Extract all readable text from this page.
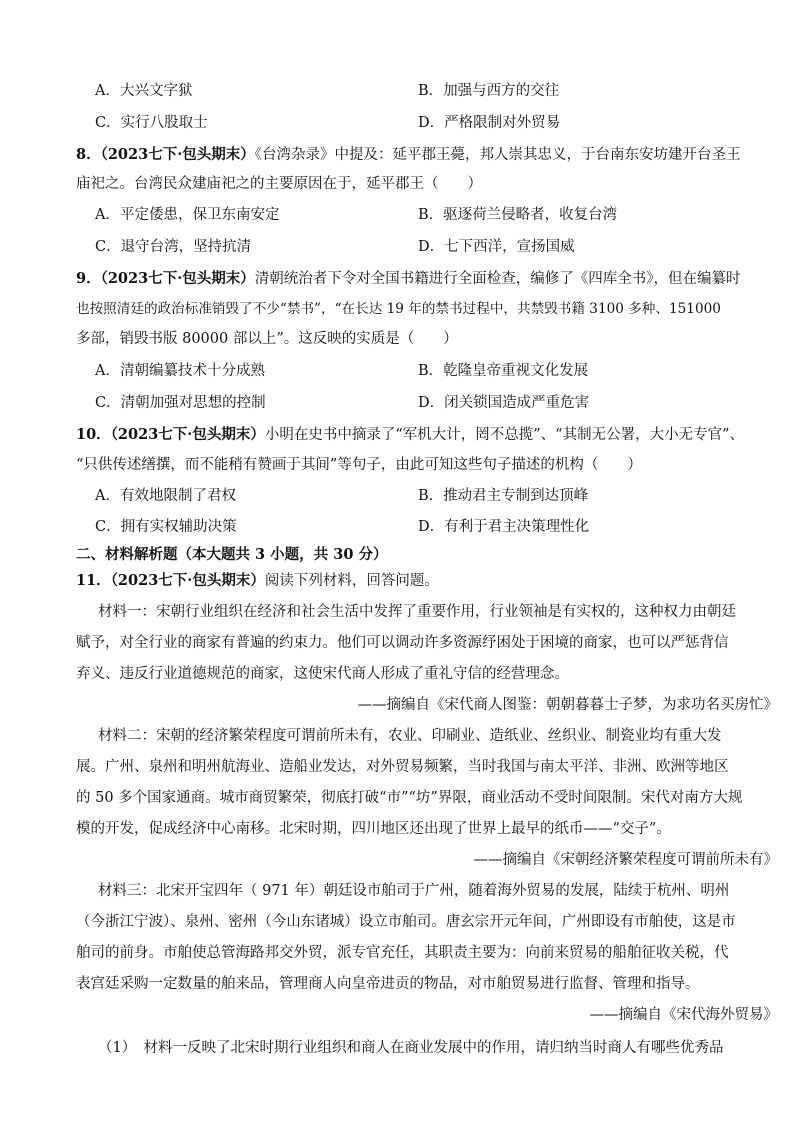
A．大兴文字狱	B．加强与西方的交往
C．实行八股取士	D．严格限制对外贸易
8．（2023七下·包头期末）《台湾杂录》中提及：延平郡王薨，邦人崇其忠义，于台南东安坊建开台圣王
庙祀之。台湾民众建庙祀之的主要原因在于，延平郡王（　　）
A．平定倭患，保卫东南安定	B．驱逐荷兰侵略者，收复台湾
C．退守台湾，坚持抗清	D．七下西洋，宣扬国威
9．（2023七下·包头期末）清朝统治者下令对全国书籍进行全面检查，编修了《四库全书》，但在编纂时
也按照清廷的政治标准销毁了不少“禁书”，“在长达 19 年的禁书过程中，共禁毁书籍 3100 多种、151000
多部，销毁书版 80000 部以上”。这反映的实质是（　　）
A．清朝编纂技术十分成熟	B．乾隆皇帝重视文化发展
C．清朝加强对思想的控制	D．闭关锁国造成严重危害
10．（2023七下·包头期末）小明在史书中摘录了“军机大计，罔不总揽”、“其制无公署，大小无专官”、
“只供传述缮撰，而不能稍有赞画于其间”等句子，由此可知这些句子描述的机构（　　）
A．有效地限制了君权	B．推动君主专制到达顶峰
C．拥有实权辅助决策	D．有利于君主决策理性化
二、材料解析题（本大题共 3 小题，共 30 分）
11．（2023七下·包头期末）阅读下列材料，回答问题。
材料一：宋朝行业组织在经济和社会生活中发挥了重要作用，行业领袖是有实权的，这种权力由朝廷
赋予，对全行业的商家有普遍的约束力。他们可以调动许多资源纾困处于困境的商家，也可以严惩背信
弃义、违反行业道德规范的商家，这使宋代商人形成了重礼守信的经营理念。
——摘编自《宋代商人图鉴：朝朝暮暮士子梦，为求功名买房忙》
材料二：宋朝的经济繁荣程度可谓前所未有，农业、印刷业、造纸业、丝织业、制瓷业均有重大发
展。广州、泉州和明州航海业、造船业发达，对外贸易频繁，当时我国与南太平洋、非洲、欧洲等地区
的 50 多个国家通商。城市商贸繁荣，彻底打破“市”“坊”界限，商业活动不受时间限制。宋代对南方大规
模的开发，促成经济中心南移。北宋时期，四川地区还出现了世界上最早的纸币——“交子”。
——摘编自《宋朝经济繁荣程度可谓前所未有》
材料三：北宋开宝四年（ 971 年）朝廷设市舶司于广州，随着海外贸易的发展，陆续于杭州、明州
（今浙江宁波）、泉州、密州（今山东诸城）设立市舶司。唐玄宗开元年间，广州即设有市舶使，这是市
舶司的前身。市舶使总管海路邦交外贸，派专官充任，其职责主要为：向前来贸易的船舶征收关税，代
表宫廷采购一定数量的舶来品，管理商人向皇帝进贡的物品，对市舶贸易进行监督、管理和指导。
——摘编自《宋代海外贸易》
（1）　材料一反映了北宋时期行业组织和商人在商业发展中的作用，请归纳当时商人有哪些优秀品
